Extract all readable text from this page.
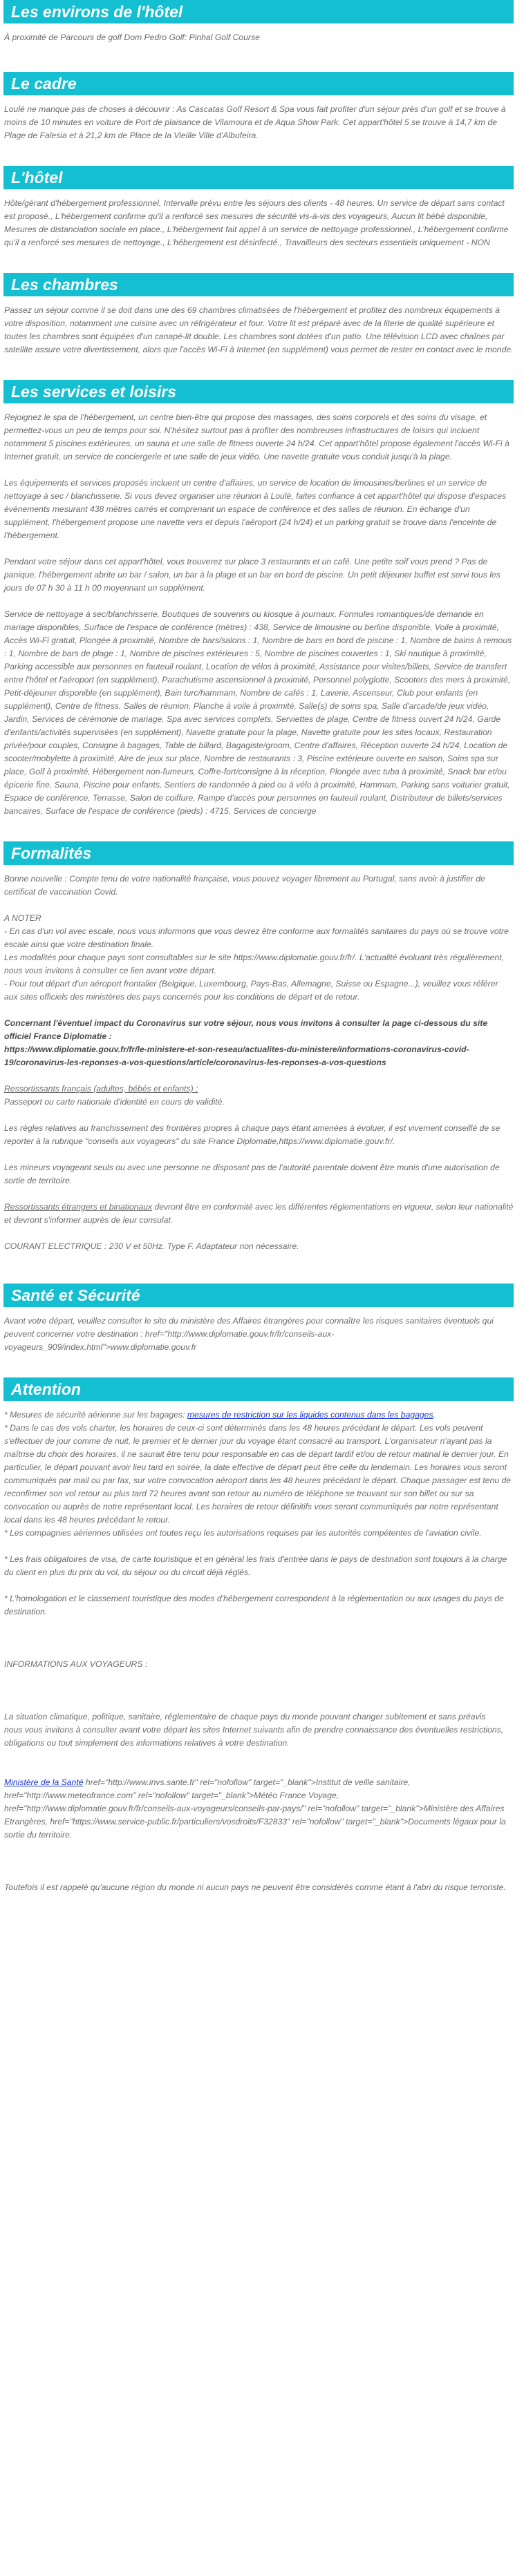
Les environs de l'hôtel

À proximité de Parcours de golf Dom Pedro Golf: Pinhal Golf Course

Le cadre

Loulé ne manque pas de choses à découvrir : As Cascatas Golf Resort & Spa vous fait profiter d'un séjour près d'un golf et se trouve à moins de 10 minutes en voiture de Port de plaisance de Vilamoura et de Aqua Show Park. Cet appart'hôtel 5 se trouve à 14,7 km de Plage de Falesia et à 21,2 km de Place de la Vieille Ville d'Albufeira.

L'hôtel

Hôte/gérant d'hébergement professionnel, Intervalle prévu entre les séjours des clients - 48 heures, Un service de départ sans contact est proposé., L'hébergement confirme qu'il a renforcé ses mesures de sécurité vis-à-vis des voyageurs, Aucun lit bébé disponible, Mesures de distanciation sociale en place., L'hébergement fait appel à un service de nettoyage professionnel., L'hébergement confirme qu'il a renforcé ses mesures de nettoyage., L'hébergement est désinfecté., Travailleurs des secteurs essentiels uniquement - NON

Les chambres

Passez un séjour comme il se doit dans une des 69 chambres climatisées de l'hébergement et profitez des nombreux équipements à votre disposition, notamment une cuisine avec un réfrigérateur et four. Votre lit est préparé avec de la literie de qualité supérieure et toutes les chambres sont équipées d'un canapé-lit double. Les chambres sont dotées d'un patio. Une télévision LCD avec chaînes par satellite assure votre divertissement, alors que l'accès Wi-Fi à Internet (en supplément) vous permet de rester en contact avec le monde.

Les services et loisirs

Rejoignez le spa de l'hébergement, un centre bien-être qui propose des massages, des soins corporels et des soins du visage, et permettez-vous un peu de temps pour soi. N'hésitez surtout pas à profiter des nombreuses infrastructures de loisirs qui incluent notamment 5 piscines extérieures, un sauna et une salle de fitness ouverte 24 h/24. Cet appart'hôtel propose également l'accès Wi-Fi à Internet gratuit, un service de conciergerie et une salle de jeux vidéo. Une navette gratuite vous conduit jusqu'à la plage.

Les équipements et services proposés incluent un centre d'affaires, un service de location de limousines/berlines et un service de nettoyage à sec / blanchisserie. Si vous devez organiser une réunion à Loulé, faites confiance à cet appart'hôtel qui dispose d'espaces événements mesurant 438 mètres carrés et comprenant un espace de conférence et des salles de réunion. En échange d'un supplément, l'hébergement propose une navette vers et depuis l'aéroport (24 h/24) et un parking gratuit se trouve dans l'enceinte de l'hébergement.

Pendant votre séjour dans cet appart'hôtel, vous trouverez sur place 3 restaurants et un café. Une petite soif vous prend ? Pas de panique, l'hébergement abrite un bar / salon, un bar à la plage et un bar en bord de piscine. Un petit déjeuner buffet est servi tous les jours de 07 h 30 à 11 h 00 moyennant un supplément.

Service de nettoyage à sec/blanchisserie, Boutiques de souvenirs ou kiosque à journaux, Formules romantiques/de demande en mariage disponibles, Surface de l'espace de conférence (mètres) : 438, Service de limousine ou berline disponible, Voile à proximité, Accès Wi-Fi gratuit, Plongée à proximité, Nombre de bars/salons : 1, Nombre de bars en bord de piscine : 1, Nombre de bains à remous : 1, Nombre de bars de plage : 1, Nombre de piscines extérieures : 5, Nombre de piscines couvertes : 1, Ski nautique à proximité, Parking accessible aux personnes en fauteuil roulant, Location de vélos à proximité, Assistance pour visites/billets, Service de transfert entre l'hôtel et l'aéroport (en supplément), Parachutisme ascensionnel à proximité, Personnel polyglotte, Scooters des mers à proximité, Petit-déjeuner disponible (en supplément), Bain turc/hammam, Nombre de cafés : 1, Laverie, Ascenseur, Club pour enfants (en supplément), Centre de fitness, Salles de réunion, Planche à voile à proximité, Salle(s) de soins spa, Salle d'arcade/de jeux vidéo, Jardin, Services de cérémonie de mariage, Spa avec services complets, Serviettes de plage, Centre de fitness ouvert 24 h/24, Garde d'enfants/activités supervisées (en supplément), Navette gratuite pour la plage, Navette gratuite pour les sites locaux, Restauration privée/pour couples, Consigne à bagages, Table de billard, Bagagiste/groom, Centre d'affaires, Réception ouverte 24 h/24, Location de scooter/mobylette à proximité, Aire de jeux sur place, Nombre de restaurants : 3, Piscine extérieure ouverte en saison, Soins spa sur place, Golf à proximité, Hébergement non-fumeurs, Coffre-fort/consigne à la réception, Plongée avec tuba à proximité, Snack bar et/ou épicerie fine, Sauna, Piscine pour enfants, Sentiers de randonnée à pied ou à vélo à proximité, Hammam, Parking sans voiturier gratuit, Espace de conférence, Terrasse, Salon de coiffure, Rampe d'accès pour personnes en fauteuil roulant, Distributeur de billets/services bancaires, Surface de l'espace de conférence (pieds) : 4715, Services de concierge

Formalités

Bonne nouvelle : Compte tenu de votre nationalité française, vous pouvez voyager librement au Portugal, sans avoir à justifier de certificat de vaccination Covid.

A NOTER

- En cas d'un vol avec escale, nous vous informons que vous devrez être conforme aux formalités sanitaires du pays où se trouve votre escale ainsi que votre destination finale.

Les modalités pour chaque pays sont consultables sur le site https://www.diplomatie.gouv.fr/fr/. L'actualité évoluant très régulièrement, nous vous invitons à consulter ce lien avant votre départ.

- Pour tout départ d'un aéroport frontalier (Belgique, Luxembourg, Pays-Bas, Allemagne, Suisse ou Espagne...), veuillez vous référer aux sites officiels des ministères des pays concernés pour les conditions de départ et de retour.

Concernant l'éventuel impact du Coronavirus sur votre séjour, nous vous invitons à consulter la page ci-dessous du site officiel France Diplomatie :

https://www.diplomatie.gouv.fr/fr/le-ministere-et-son-reseau/actualites-du-ministere/informations-coronavirus-covid-19/coronavirus-les-reponses-a-vos-questions/article/coronavirus-les-reponses-a-vos-questions

Ressortissants français (adultes, bébés et enfants) :

Passeport ou carte nationale d'identité en cours de validité.

Les règles relatives au franchissement des frontières propres à chaque pays étant amenées à évoluer, il est vivement conseillé de se reporter à la rubrique "conseils aux voyageurs" du site France Diplomatie,https://www.diplomatie.gouv.fr/.

Les mineurs voyageant seuls ou avec une personne ne disposant pas de l'autorité parentale doivent être munis d'une autorisation de sortie de territoire.

Ressortissants étrangers et binationaux devront être en conformité avec les différentes réglementations en vigueur, selon leur nationalité et devront s'informer auprès de leur consulat.

COURANT ELECTRIQUE : 230 V et 50Hz. Type F. Adaptateur non nécessaire.

Santé et Sécurité

Avant votre départ, veuillez consulter le site du ministère des Affaires étrangères pour connaître les risques sanitaires éventuels qui peuvent concerner votre destination : href="http://www.diplomatie.gouv.fr/fr/conseils-aux-voyageurs_909/index.html">www.diplomatie.gouv.fr

Attention

* Mesures de sécurité aérienne sur les bagages: mesures de restriction sur les liquides contenus dans les bagages.

* Dans le cas des vols charter, les horaires de ceux-ci sont déterminés dans les 48 heures précédant le départ. Les vols peuvent s'effectuer de jour comme de nuit, le premier et le dernier jour du voyage étant consacré au transport. L'organisateur n'ayant pas la maîtrise du choix des horaires, il ne saurait être tenu pour responsable en cas de départ tardif et/ou de retour matinal le dernier jour. En particulier, le départ pouvant avoir lieu tard en soirée, la date effective de départ peut être celle du lendemain. Les horaires vous seront communiqués par mail ou par fax, sur votre convocation aéroport dans les 48 heures précédant le départ. Chaque passager est tenu de reconfirmer son vol retour au plus tard 72 heures avant son retour au numéro de téléphone se trouvant sur son billet ou sur sa convocation ou auprès de notre représentant local. Les horaires de retour définitifs vous seront communiqués par notre représentant local dans les 48 heures précédant le retour.

* Les compagnies aériennes utilisées ont toutes reçu les autorisations requises par les autorités compétentes de l'aviation civile.

* Les frais obligatoires de visa, de carte touristique et en général les frais d'entrée dans le pays de destination sont toujours à la charge du client en plus du prix du vol, du séjour ou du circuit déjà réglés.

* L'homologation et le classement touristique des modes d'hébergement correspondent à la réglementation ou aux usages du pays de destination.

INFORMATIONS AUX VOYAGEURS :

La situation climatique, politique, sanitaire, réglementaire de chaque pays du monde pouvant changer subitement et sans préavis

nous vous invitons à consulter avant votre départ les sites Internet suivants afin de prendre connaissance des éventuelles restrictions, obligations ou tout simplement des informations relatives à votre destination.

Ministère de la Santé href="http://www.invs.sante.fr" rel="nofollow" target="_blank">Institut de veille sanitaire, href="http://www.meteofrance.com" rel="nofollow" target="_blank">Météo France Voyage, href="http://www.diplomatie.gouv.fr/fr/conseils-aux-voyageurs/conseils-par-pays/" rel="nofollow" target="_blank">Ministère des Affaires Etrangères, href="https://www.service-public.fr/particuliers/vosdroits/F32833" rel="nofollow" target="_blank">Documents légaux pour la sortie du territoire.

Toutefois il est rappelé qu'aucune région du monde ni aucun pays ne peuvent être considérés comme étant à l'abri du risque terroriste.
